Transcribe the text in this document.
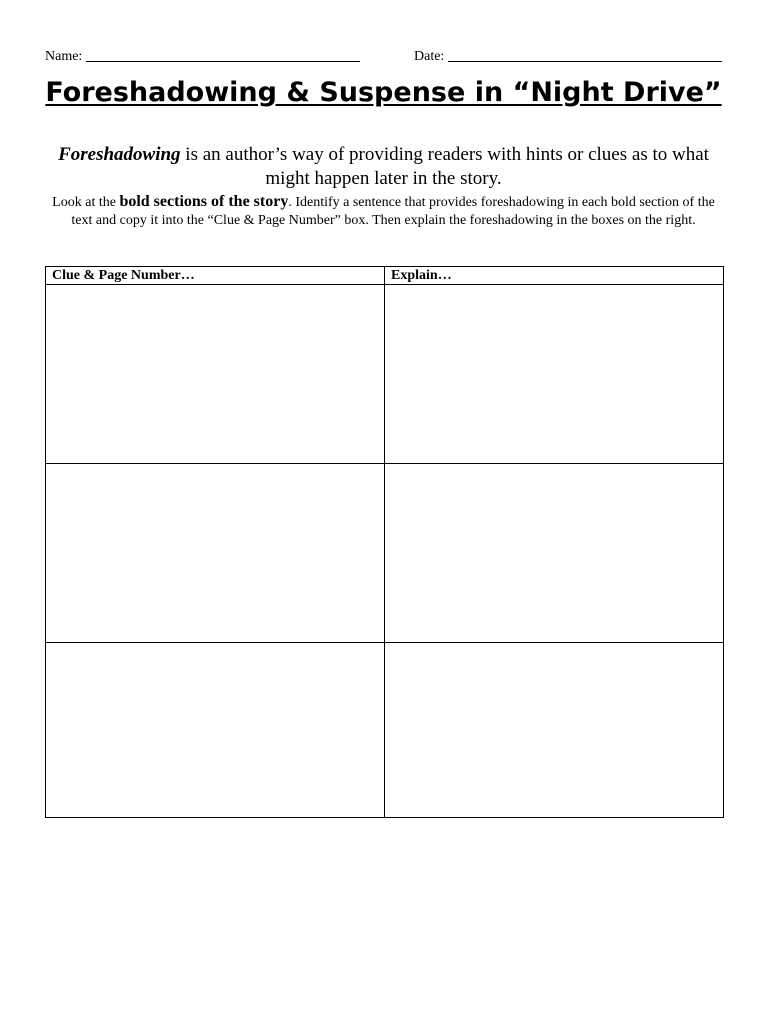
Name:	Date:
Foreshadowing & Suspense in “Night Drive”
Foreshadowing is an author’s way of providing readers with hints or clues as to what might happen later in the story.
Look at the bold sections of the story. Identify a sentence that provides foreshadowing in each bold section of the text and copy it into the “Clue & Page Number” box. Then explain the foreshadowing in the boxes on the right.
Clue & Page Number…	Explain…
